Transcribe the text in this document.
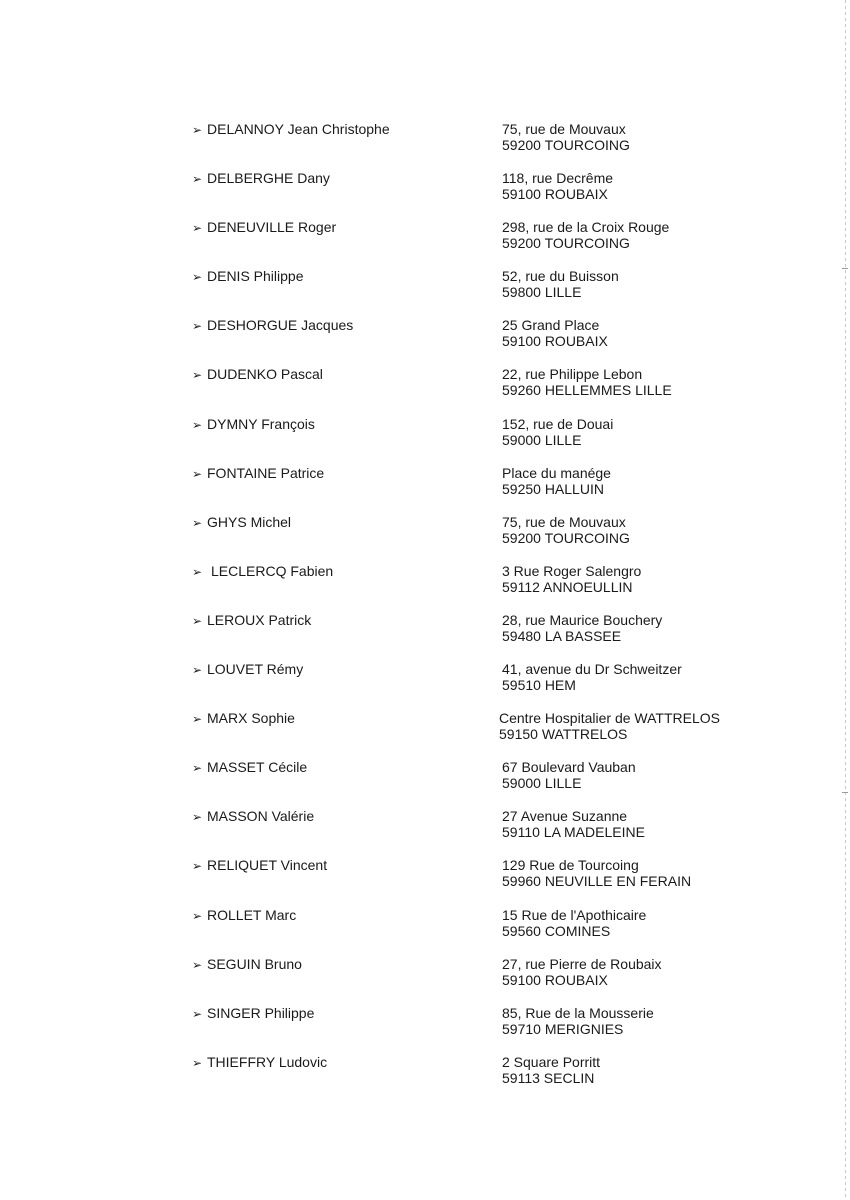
➢ DELANNOY Jean Christophe	75, rue de Mouvaux
59200 TOURCOING
➢ DELBERGHE Dany	118, rue Decrême
59100 ROUBAIX
➢ DENEUVILLE Roger	298, rue de la Croix Rouge
59200 TOURCOING
➢ DENIS Philippe	52, rue du Buisson
59800 LILLE
➢ DESHORGUE Jacques	25 Grand Place
59100 ROUBAIX
➢ DUDENKO Pascal	22, rue Philippe Lebon
59260 HELLEMMES LILLE
➢ DYMNY François	152, rue de Douai
59000 LILLE
➢ FONTAINE Patrice	Place du manége
59250 HALLUIN
➢ GHYS Michel	75, rue de Mouvaux
59200 TOURCOING
➢ LECLERCQ Fabien	3 Rue Roger Salengro
59112 ANNOEULLIN
➢ LEROUX Patrick	28, rue Maurice Bouchery
59480 LA BASSEE
➢ LOUVET Rémy	41, avenue du Dr Schweitzer
59510 HEM
➢ MARX Sophie	Centre Hospitalier de WATTRELOS
59150 WATTRELOS
➢ MASSET Cécile	67 Boulevard Vauban
59000 LILLE
➢ MASSON Valérie	27 Avenue Suzanne
59110 LA MADELEINE
➢ RELIQUET Vincent	129 Rue de Tourcoing
59960 NEUVILLE EN FERAIN
➢ ROLLET Marc	15 Rue de l'Apothicaire
59560 COMINES
➢ SEGUIN Bruno	27, rue Pierre de Roubaix
59100 ROUBAIX
➢ SINGER Philippe	85, Rue de la Mousserie
59710 MERIGNIES
➢ THIEFFRY Ludovic	2 Square Porritt
59113 SECLIN
